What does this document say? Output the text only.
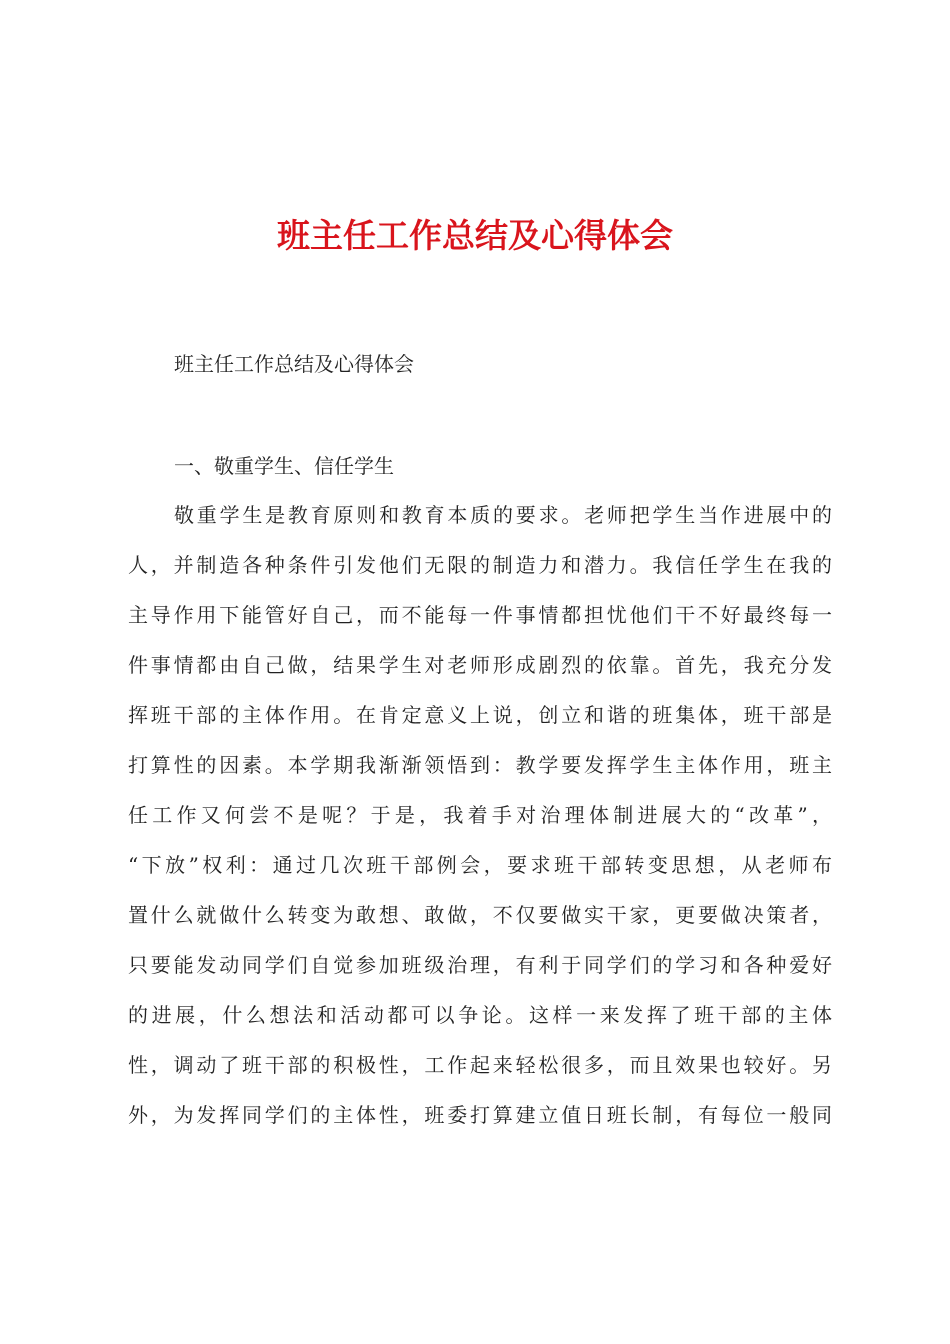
班主任工作总结及心得体会

班主任工作总结及心得体会

一、敬重学生、信任学生

敬重学生是教育原则和教育本质的要求。老师把学生当作进展中的
人，并制造各种条件引发他们无限的制造力和潜力。我信任学生在我的
主导作用下能管好自己，而不能每一件事情都担忧他们干不好最终每一
件事情都由自己做，结果学生对老师形成剧烈的依靠。首先，我充分发
挥班干部的主体作用。在肯定意义上说，创立和谐的班集体，班干部是
打算性的因素。本学期我渐渐领悟到：教学要发挥学生主体作用，班主
任工作又何尝不是呢？于是，我着手对治理体制进展大的“改革”，
“下放”权利：通过几次班干部例会，要求班干部转变思想，从老师布
置什么就做什么转变为敢想、敢做，不仅要做实干家，更要做决策者，
只要能发动同学们自觉参加班级治理，有利于同学们的学习和各种爱好
的进展，什么想法和活动都可以争论。这样一来发挥了班干部的主体
性，调动了班干部的积极性，工作起来轻松很多，而且效果也较好。另
外，为发挥同学们的主体性，班委打算建立值日班长制，有每位一般同
